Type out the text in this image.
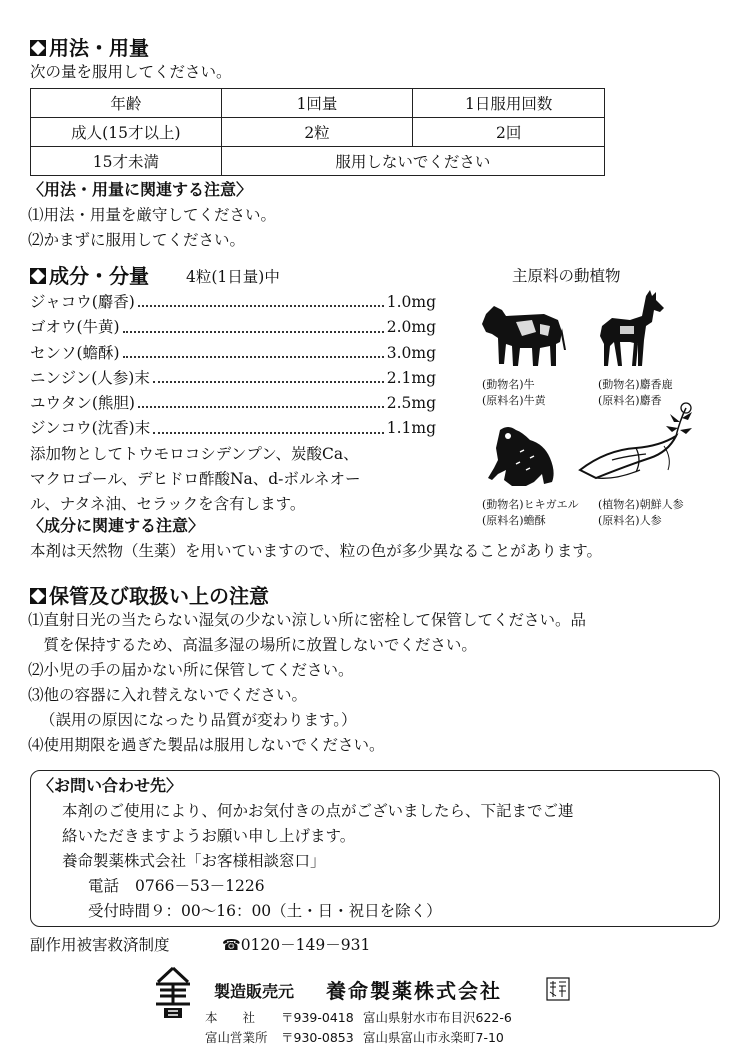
用法・用量
次の量を服用してください。
年齢	1回量	1日服用回数
成人(15才以上)	2粒	2回
15才未満	服用しないでください	
〈用法・用量に関連する注意〉
⑴用法・用量を厳守してください。
⑵かまずに服用してください。
成分・分量 4粒(1日量)中
ジャコウ(麝香)	1.0mg
ゴオウ(牛黄)	2.0mg
センソ(蟾酥)	3.0mg
ニンジン(人参)末	2.1mg
ユウタン(熊胆)	2.5mg
ジンコウ(沈香)末	1.1mg
添加物としてトウモロコシデンプン、炭酸Ca、
マクロゴール、デヒドロ酢酸Na、d-ボルネオー
ル、ナタネ油、セラックを含有します。
〈成分に関連する注意〉
本剤は天然物（生薬）を用いていますので、粒の色が多少異なることがあります。
主原料の動植物
(動物名)牛
(原料名)牛黄
(動物名)麝香鹿
(原料名)麝香
(動物名)ヒキガエル
(原料名)蟾酥
(植物名)朝鮮人参
(原料名)人参
保管及び取扱い上の注意
⑴直射日光の当たらない湿気の少ない涼しい所に密栓して保管してください。品
　質を保持するため、高温多湿の場所に放置しないでください。
⑵小児の手の届かない所に保管してください。
⑶他の容器に入れ替えないでください。
（誤用の原因になったり品質が変わります。）
⑷使用期限を過ぎた製品は服用しないでください。
〈お問い合わせ先〉
本剤のご使用により、何かお気付きの点がございましたら、下記までご連
絡いただきますようお願い申し上げます。
養命製薬株式会社「お客様相談窓口」
電話 0766－53－1226
受付時間９：00～16：00（土・日・祝日を除く）
副作用被害救済制度	☎0120－149－931
製造販売元 養命製薬株式会社
本　　社 〒939-0418 富山県射水市布目沢622-6
富山営業所 〒930-0853 富山県富山市永楽町7-10
